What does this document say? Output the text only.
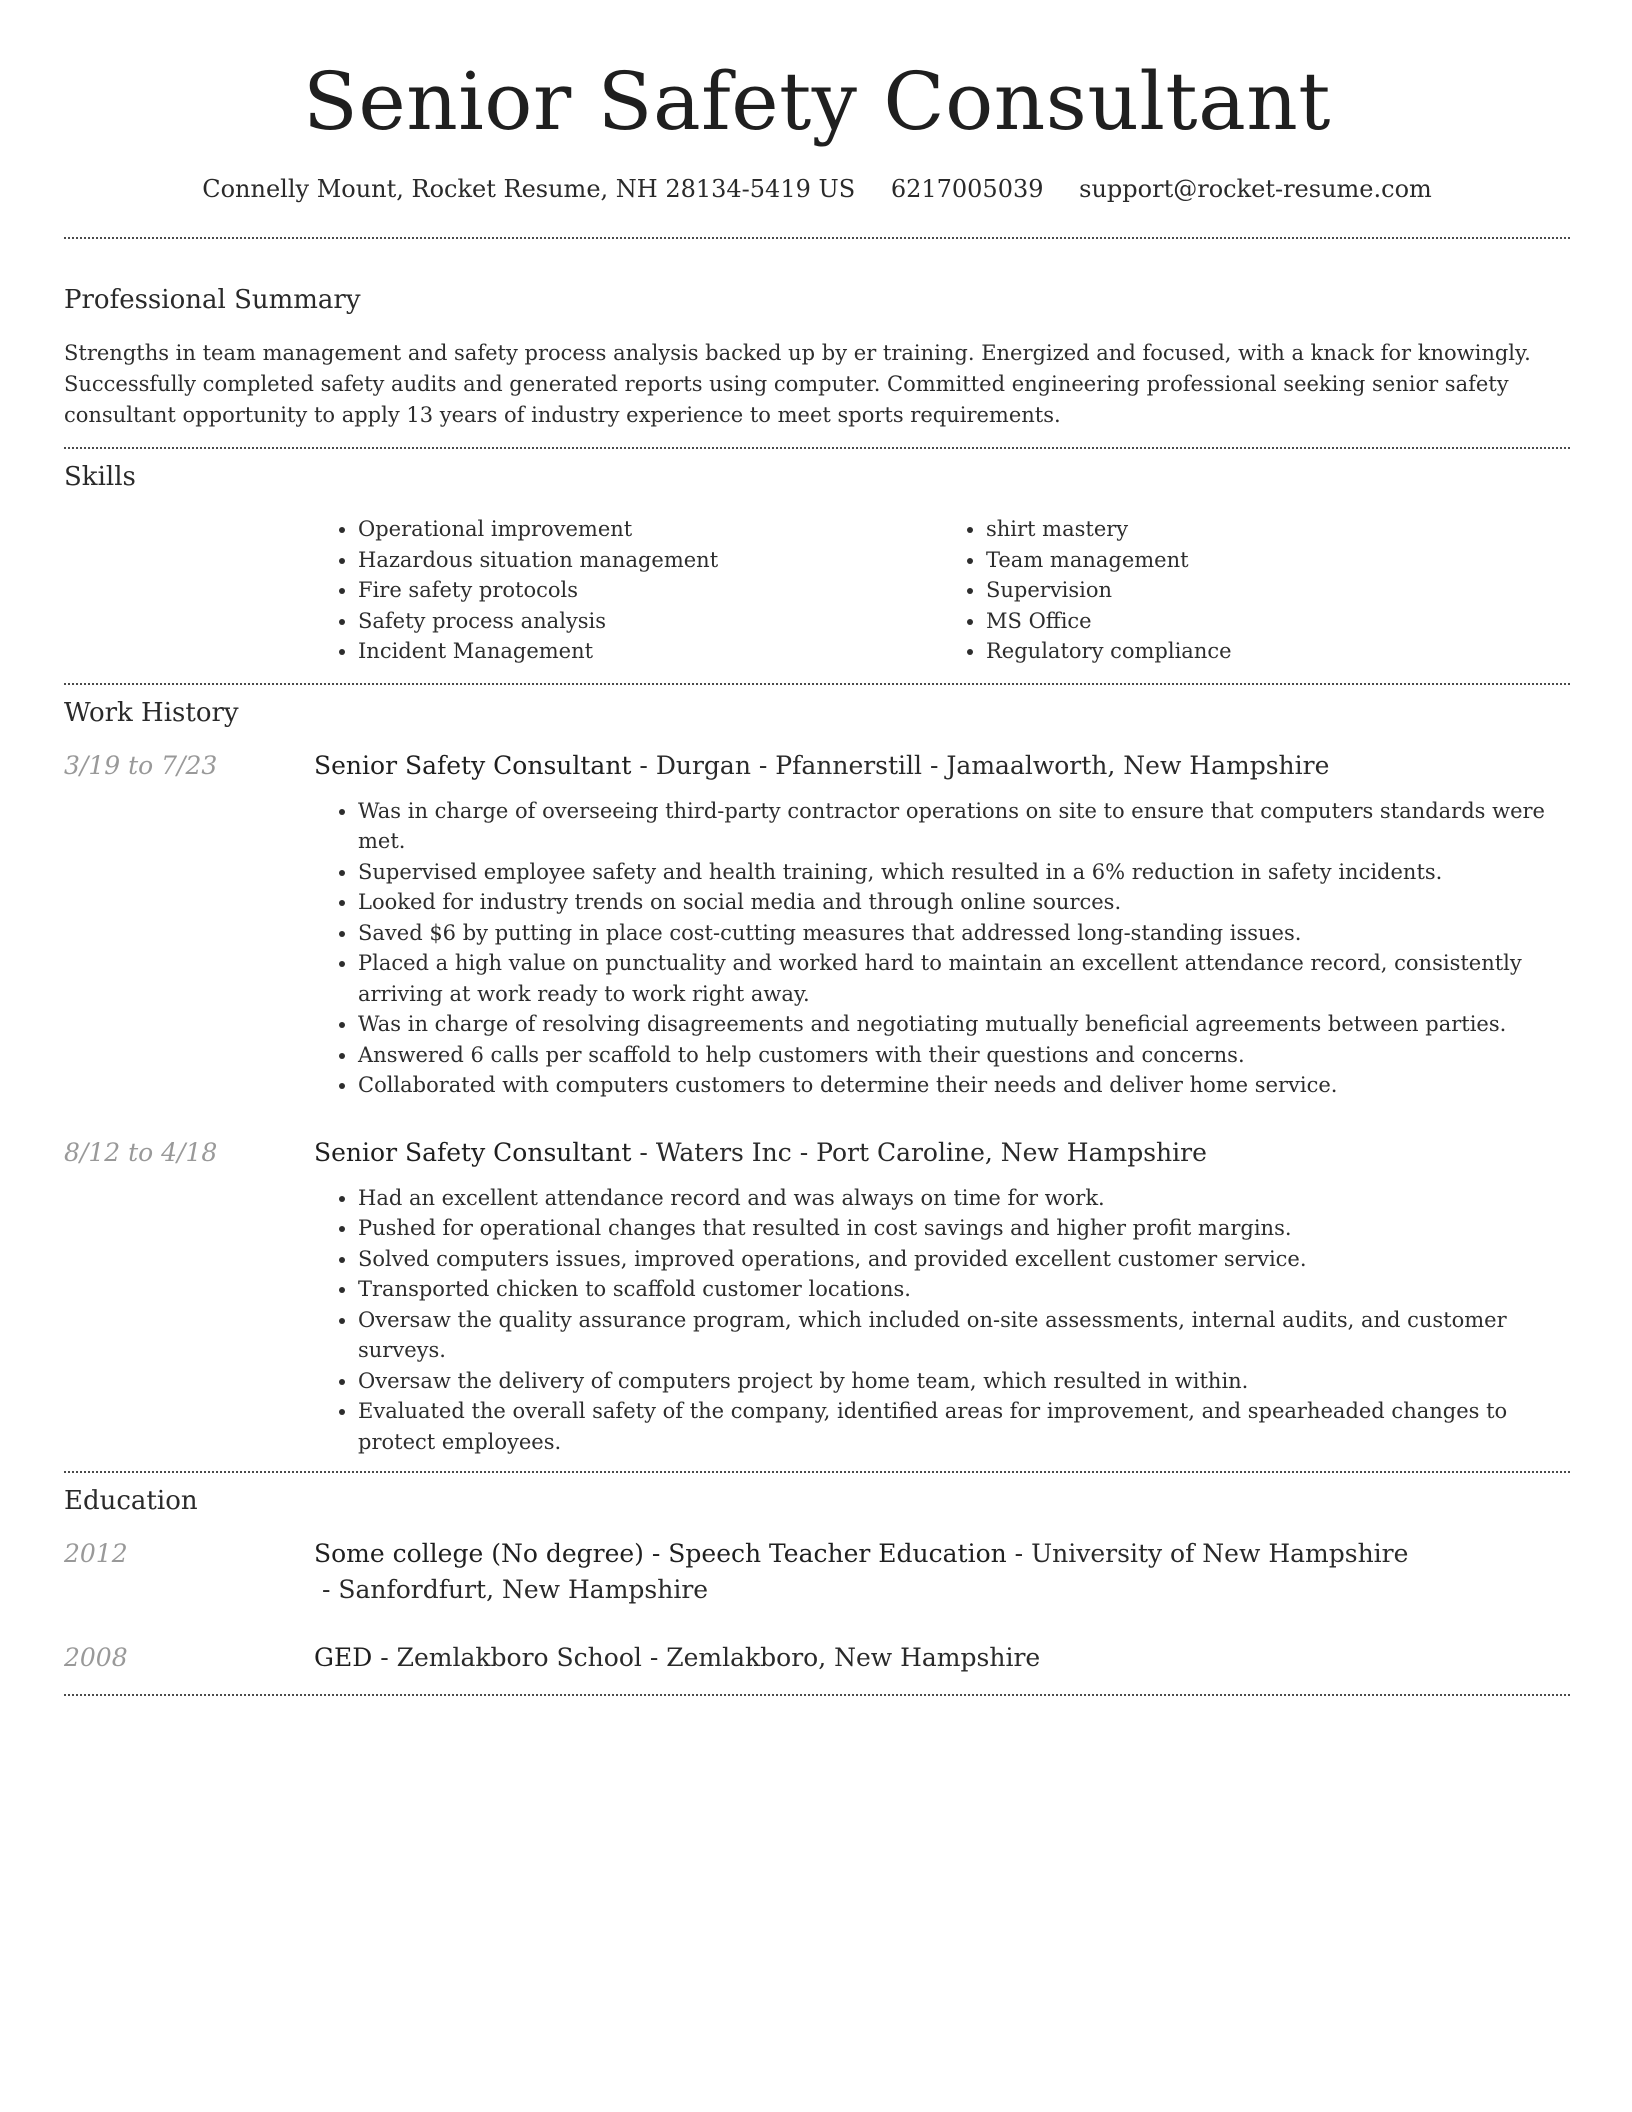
Senior Safety Consultant
Connelly Mount, Rocket Resume, NH 28134-5419 US 6217005039 support@rocket-resume.com
Professional Summary

Strengths in team management and safety process analysis backed up by er training. Energized and focused, with a knack for knowingly. Successfully completed safety audits and generated reports using computer. Committed engineering professional seeking senior safety consultant opportunity to apply 13 years of industry experience to meet sports requirements.

Skills
• Operational improvement
• Hazardous situation management
• Fire safety protocols
• Safety process analysis
• Incident Management
• shirt mastery
• Team management
• Supervision
• MS Office
• Regulatory compliance
Work History
3/19 to 7/23	Senior Safety Consultant - Durgan - Pfannerstill - Jamaalworth, New Hampshire
• Was in charge of overseeing third-party contractor operations on site to ensure that computers standards were met.
• Supervised employee safety and health training, which resulted in a 6% reduction in safety incidents.
• Looked for industry trends on social media and through online sources.
• Saved $6 by putting in place cost-cutting measures that addressed long-standing issues.
• Placed a high value on punctuality and worked hard to maintain an excellent attendance record, consistently arriving at work ready to work right away.
• Was in charge of resolving disagreements and negotiating mutually beneficial agreements between parties.
• Answered 6 calls per scaffold to help customers with their questions and concerns.
• Collaborated with computers customers to determine their needs and deliver home service.
8/12 to 4/18	Senior Safety Consultant - Waters Inc - Port Caroline, New Hampshire
• Had an excellent attendance record and was always on time for work.
• Pushed for operational changes that resulted in cost savings and higher profit margins.
• Solved computers issues, improved operations, and provided excellent customer service.
• Transported chicken to scaffold customer locations.
• Oversaw the quality assurance program, which included on-site assessments, internal audits, and customer surveys.
• Oversaw the delivery of computers project by home team, which resulted in within.
• Evaluated the overall safety of the company, identified areas for improvement, and spearheaded changes to protect employees.
Education
2012	Some college (No degree) - Speech Teacher Education - University of New Hampshire - Sanfordfurt, New Hampshire
2008	GED - Zemlakboro School - Zemlakboro, New Hampshire
